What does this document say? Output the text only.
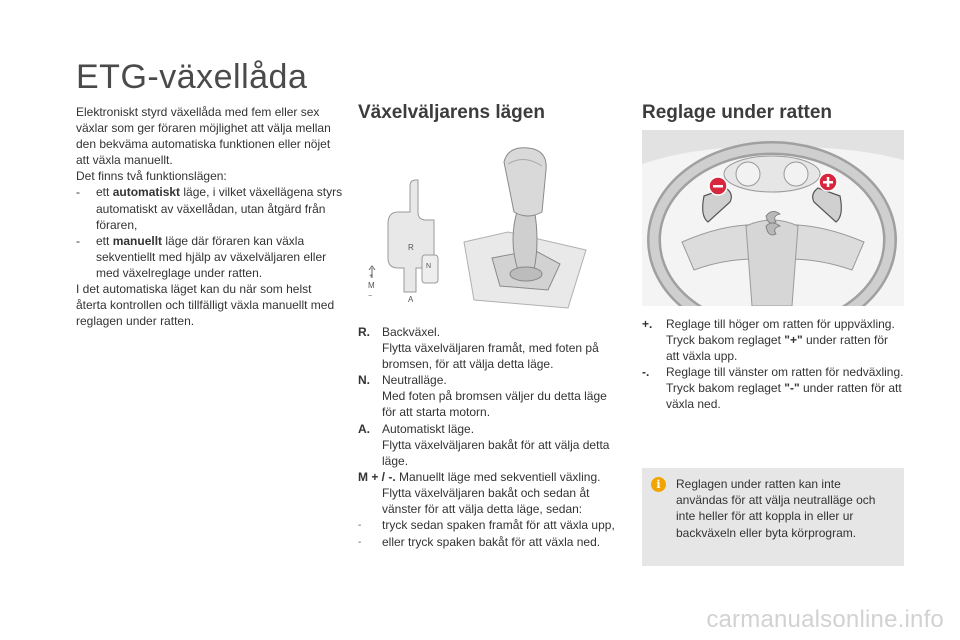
ETG-växellåda

Elektroniskt styrd växellåda med fem eller sex växlar som ger föraren möjlighet att välja mellan den bekväma automatiska funktionen eller nöjet att växla manuellt.

Det finns två funktionslägen:

-	ett automatiskt läge, i vilket växellägena styrs automatiskt av växellådan, utan åtgärd från föraren,
-	ett manuellt läge där föraren kan växla sekventiellt med hjälp av växelväljaren eller med växelreglage under ratten.

I det automatiska läget kan du när som helst återta kontrollen och tillfälligt växla manuellt med reglagen under ratten.

Växelväljarens lägen	Reglage under ratten
R
N
A
M
+
−
R.	Backväxel.
Flytta växelväljaren framåt, med foten på bromsen, för att välja detta läge.
N.	Neutralläge.
Med foten på bromsen väljer du detta läge för att starta motorn.
A.	Automatiskt läge.
Flytta växelväljaren bakåt för att välja detta läge.
M + / -. Manuellt läge med sekventiell växling.
Flytta växelväljaren bakåt och sedan åt vänster för att välja detta läge, sedan:
-	tryck sedan spaken framåt för att växla upp,
-	eller tryck spaken bakåt för att växla ned.
+.	Reglage till höger om ratten för uppväxling.
Tryck bakom reglaget "+" under ratten för att växla upp.
-.	Reglage till vänster om ratten för nedväxling.
Tryck bakom reglaget "-" under ratten för att växla ned.
i	Reglagen under ratten kan inte användas för att välja neutralläge och inte heller för att koppla in eller ur backväxeln eller byta körprogram.
carmanualsonline.info
